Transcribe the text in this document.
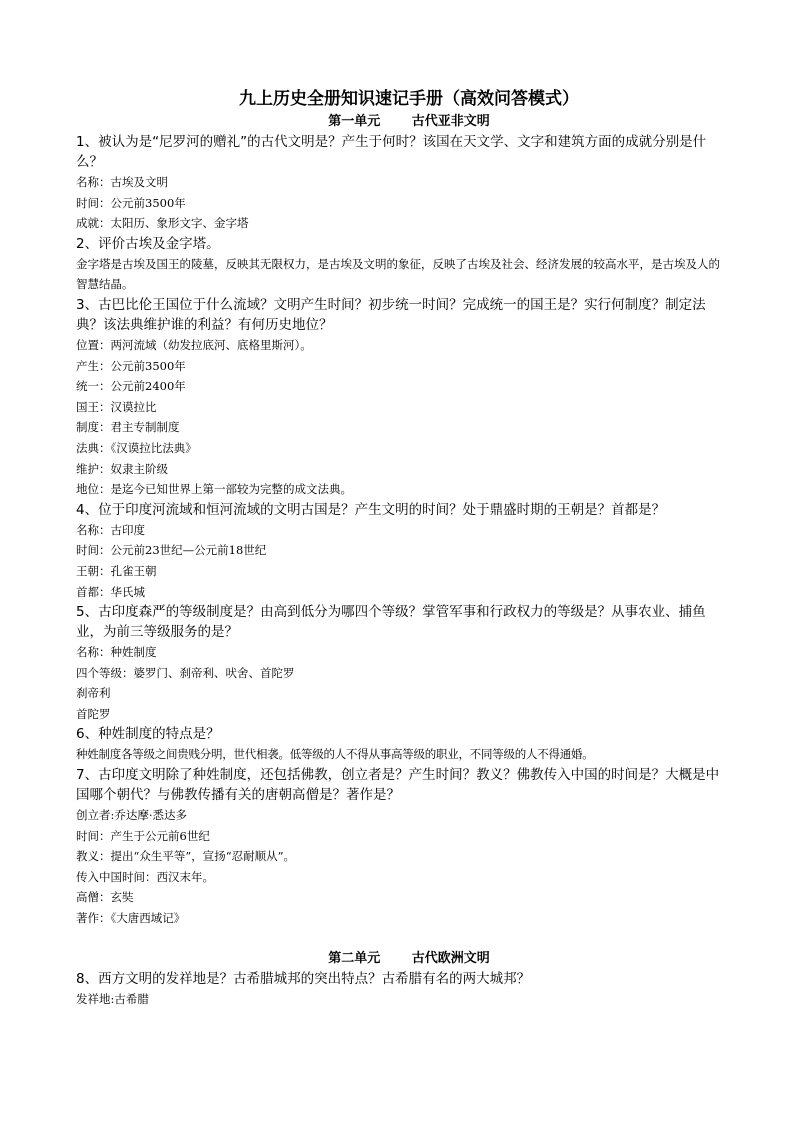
九上历史全册知识速记手册（高效问答模式）
第一单元　 古代亚非文明

1、被认为是“尼罗河的赠礼”的古代文明是？产生于何时？该国在天文学、文字和建筑方面的成就分别是什么？

名称：古埃及文明

时间：公元前3500年

成就：太阳历、象形文字、金字塔

2、评价古埃及金字塔。

金字塔是古埃及国王的陵墓，反映其无限权力，是古埃及文明的象征，反映了古埃及社会、经济发展的较高水平，是古埃及人的智慧结晶。

3、古巴比伦王国位于什么流域？文明产生时间？初步统一时间？完成统一的国王是？实行何制度？制定法典？该法典维护谁的利益？有何历史地位？

位置：两河流域（幼发拉底河、底格里斯河）。

产生：公元前3500年

统一：公元前2400年

国王：汉谟拉比

制度：君主专制制度

法典：《汉谟拉比法典》

维护：奴隶主阶级

地位：是迄今已知世界上第一部较为完整的成文法典。

4、位于印度河流域和恒河流域的文明古国是？产生文明的时间？处于鼎盛时期的王朝是？首都是？

名称：古印度

时间：公元前23世纪—公元前18世纪

王朝：孔雀王朝

首都：华氏城

5、古印度森严的等级制度是？由高到低分为哪四个等级？掌管军事和行政权力的等级是？从事农业、捕鱼业，为前三等级服务的是？

名称：种姓制度

四个等级：婆罗门、刹帝利、吠舍、首陀罗

刹帝利

首陀罗

6、种姓制度的特点是？

种姓制度各等级之间贵贱分明，世代相袭。低等级的人不得从事高等级的职业，不同等级的人不得通婚。

7、古印度文明除了种姓制度，还包括佛教，创立者是？产生时间？教义？佛教传入中国的时间是？大概是中国哪个朝代？与佛教传播有关的唐朝高僧是？著作是？

创立者:乔达摩·悉达多

时间：产生于公元前6世纪

教义：提出“众生平等”，宣扬“忍耐顺从”。

传入中国时间：西汉末年。

高僧：玄奘

著作：《大唐西域记》

第二单元　 古代欧洲文明

8、西方文明的发祥地是？古希腊城邦的突出特点？古希腊有名的两大城邦？

发祥地:古希腊
